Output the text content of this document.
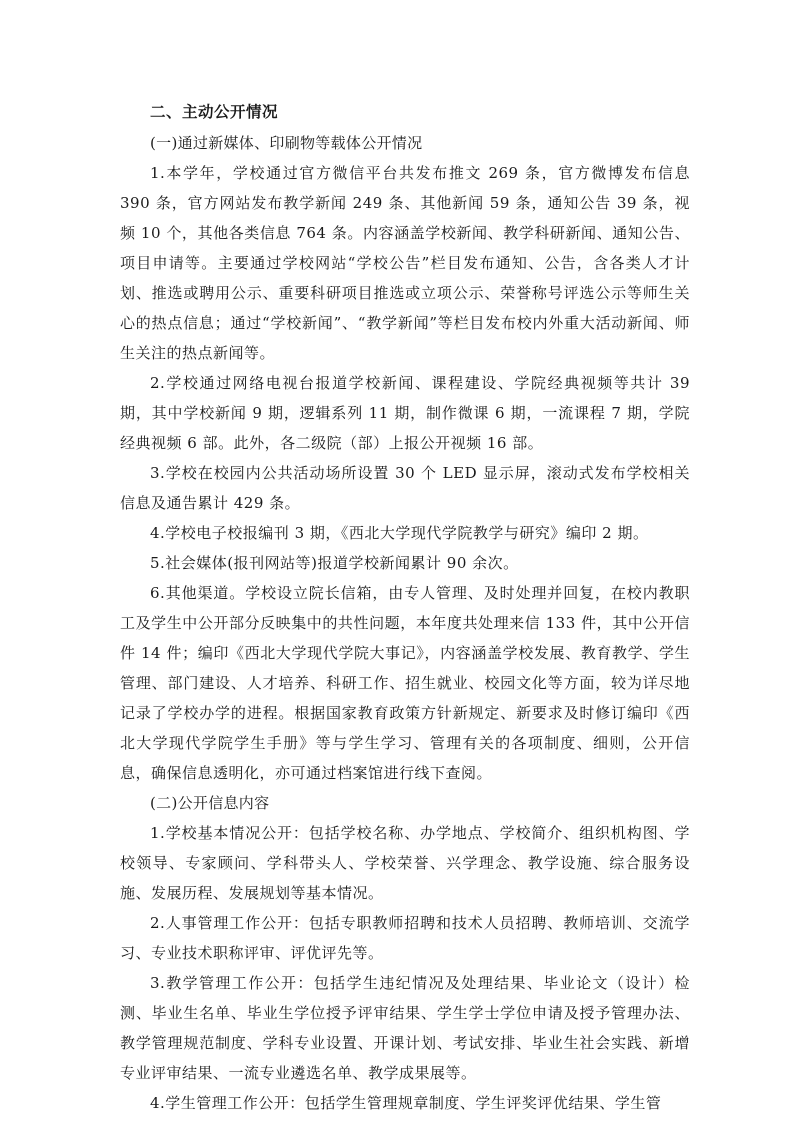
二、主动公开情况

(一)通过新媒体、印刷物等载体公开情况

1.本学年，学校通过官方微信平台共发布推文 269 条，官方微博发布信息 390 条，官方网站发布教学新闻 249 条、其他新闻 59 条，通知公告 39 条，视频 10 个，其他各类信息 764 条。内容涵盖学校新闻、教学科研新闻、通知公告、项目申请等。主要通过学校网站“学校公告”栏目发布通知、公告，含各类人才计划、推选或聘用公示、重要科研项目推选或立项公示、荣誉称号评选公示等师生关心的热点信息；通过“学校新闻”、“教学新闻”等栏目发布校内外重大活动新闻、师生关注的热点新闻等。

2.学校通过网络电视台报道学校新闻、课程建设、学院经典视频等共计 39 期，其中学校新闻 9 期，逻辑系列 11 期，制作微课 6 期，一流课程 7 期，学院经典视频 6 部。此外，各二级院（部）上报公开视频 16 部。

3.学校在校园内公共活动场所设置 30 个 LED 显示屏，滚动式发布学校相关信息及通告累计 429 条。

4.学校电子校报编刊 3 期，《西北大学现代学院教学与研究》编印 2 期。

5.社会媒体(报刊网站等)报道学校新闻累计 90 余次。

6.其他渠道。学校设立院长信箱，由专人管理、及时处理并回复，在校内教职工及学生中公开部分反映集中的共性问题，本年度共处理来信 133 件，其中公开信件 14 件；编印《西北大学现代学院大事记》，内容涵盖学校发展、教育教学、学生管理、部门建设、人才培养、科研工作、招生就业、校园文化等方面，较为详尽地记录了学校办学的进程。根据国家教育政策方针新规定、新要求及时修订编印《西北大学现代学院学生手册》等与学生学习、管理有关的各项制度、细则，公开信息，确保信息透明化，亦可通过档案馆进行线下查阅。

(二)公开信息内容

1.学校基本情况公开：包括学校名称、办学地点、学校简介、组织机构图、学校领导、专家顾问、学科带头人、学校荣誉、兴学理念、教学设施、综合服务设施、发展历程、发展规划等基本情况。

2.人事管理工作公开：包括专职教师招聘和技术人员招聘、教师培训、交流学习、专业技术职称评审、评优评先等。

3.教学管理工作公开：包括学生违纪情况及处理结果、毕业论文（设计）检测、毕业生名单、毕业生学位授予评审结果、学生学士学位申请及授予管理办法、教学管理规范制度、学科专业设置、开课计划、考试安排、毕业生社会实践、新增专业评审结果、一流专业遴选名单、教学成果展等。

4.学生管理工作公开：包括学生管理规章制度、学生评奖评优结果、学生管
